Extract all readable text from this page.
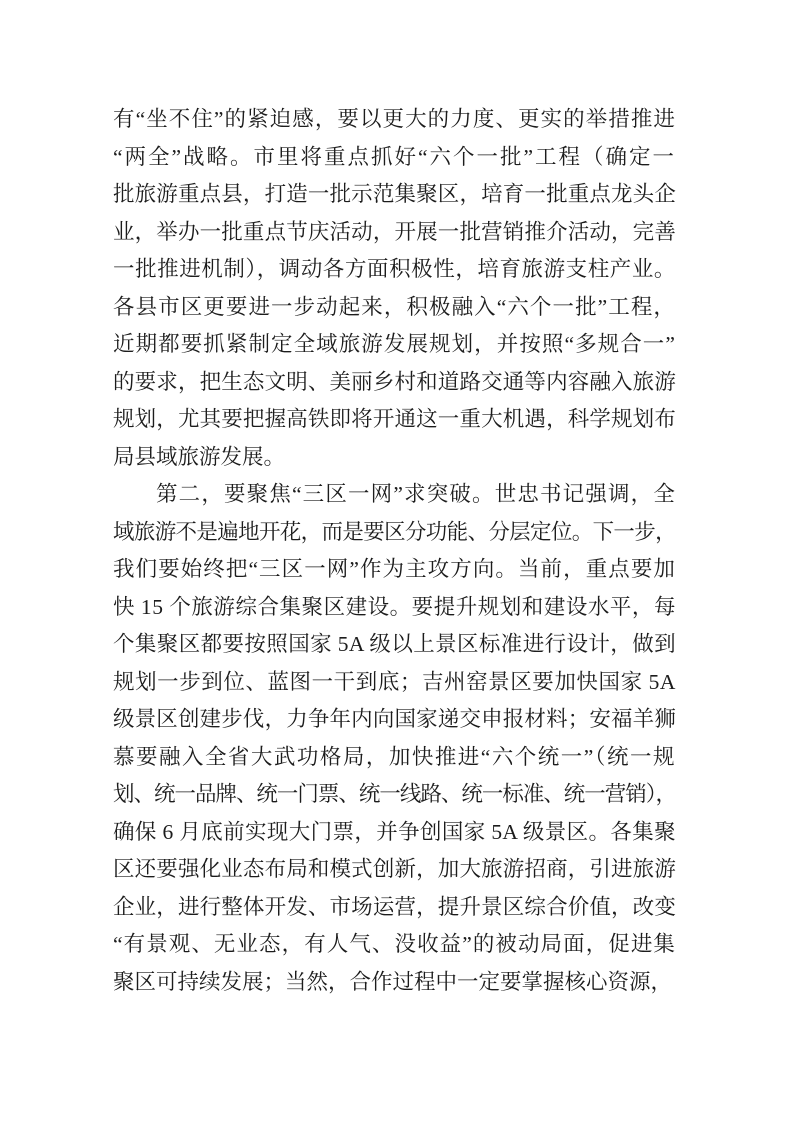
有“坐不住”的紧迫感，要以更大的力度、更实的举措推进
“两全”战略。市里将重点抓好“六个一批”工程（确定一
批旅游重点县，打造一批示范集聚区，培育一批重点龙头企
业，举办一批重点节庆活动，开展一批营销推介活动，完善
一批推进机制），调动各方面积极性，培育旅游支柱产业。
各县市区更要进一步动起来，积极融入“六个一批”工程，
近期都要抓紧制定全域旅游发展规划，并按照“多规合一”
的要求，把生态文明、美丽乡村和道路交通等内容融入旅游
规划，尤其要把握高铁即将开通这一重大机遇，科学规划布
局县域旅游发展。
第二，要聚焦“三区一网”求突破。世忠书记强调，全
域旅游不是遍地开花，而是要区分功能、分层定位。下一步，
我们要始终把“三区一网”作为主攻方向。当前，重点要加
快 15 个旅游综合集聚区建设。要提升规划和建设水平，每
个集聚区都要按照国家 5A 级以上景区标准进行设计，做到
规划一步到位、蓝图一干到底；吉州窑景区要加快国家 5A
级景区创建步伐，力争年内向国家递交申报材料；安福羊狮
慕要融入全省大武功格局，加快推进“六个统一”（统一规
划、统一品牌、统一门票、统一线路、统一标准、统一营销），
确保 6 月底前实现大门票，并争创国家 5A 级景区。各集聚
区还要强化业态布局和模式创新，加大旅游招商，引进旅游
企业，进行整体开发、市场运营，提升景区综合价值，改变
“有景观、无业态，有人气、没收益”的被动局面，促进集
聚区可持续发展；当然，合作过程中一定要掌握核心资源，
